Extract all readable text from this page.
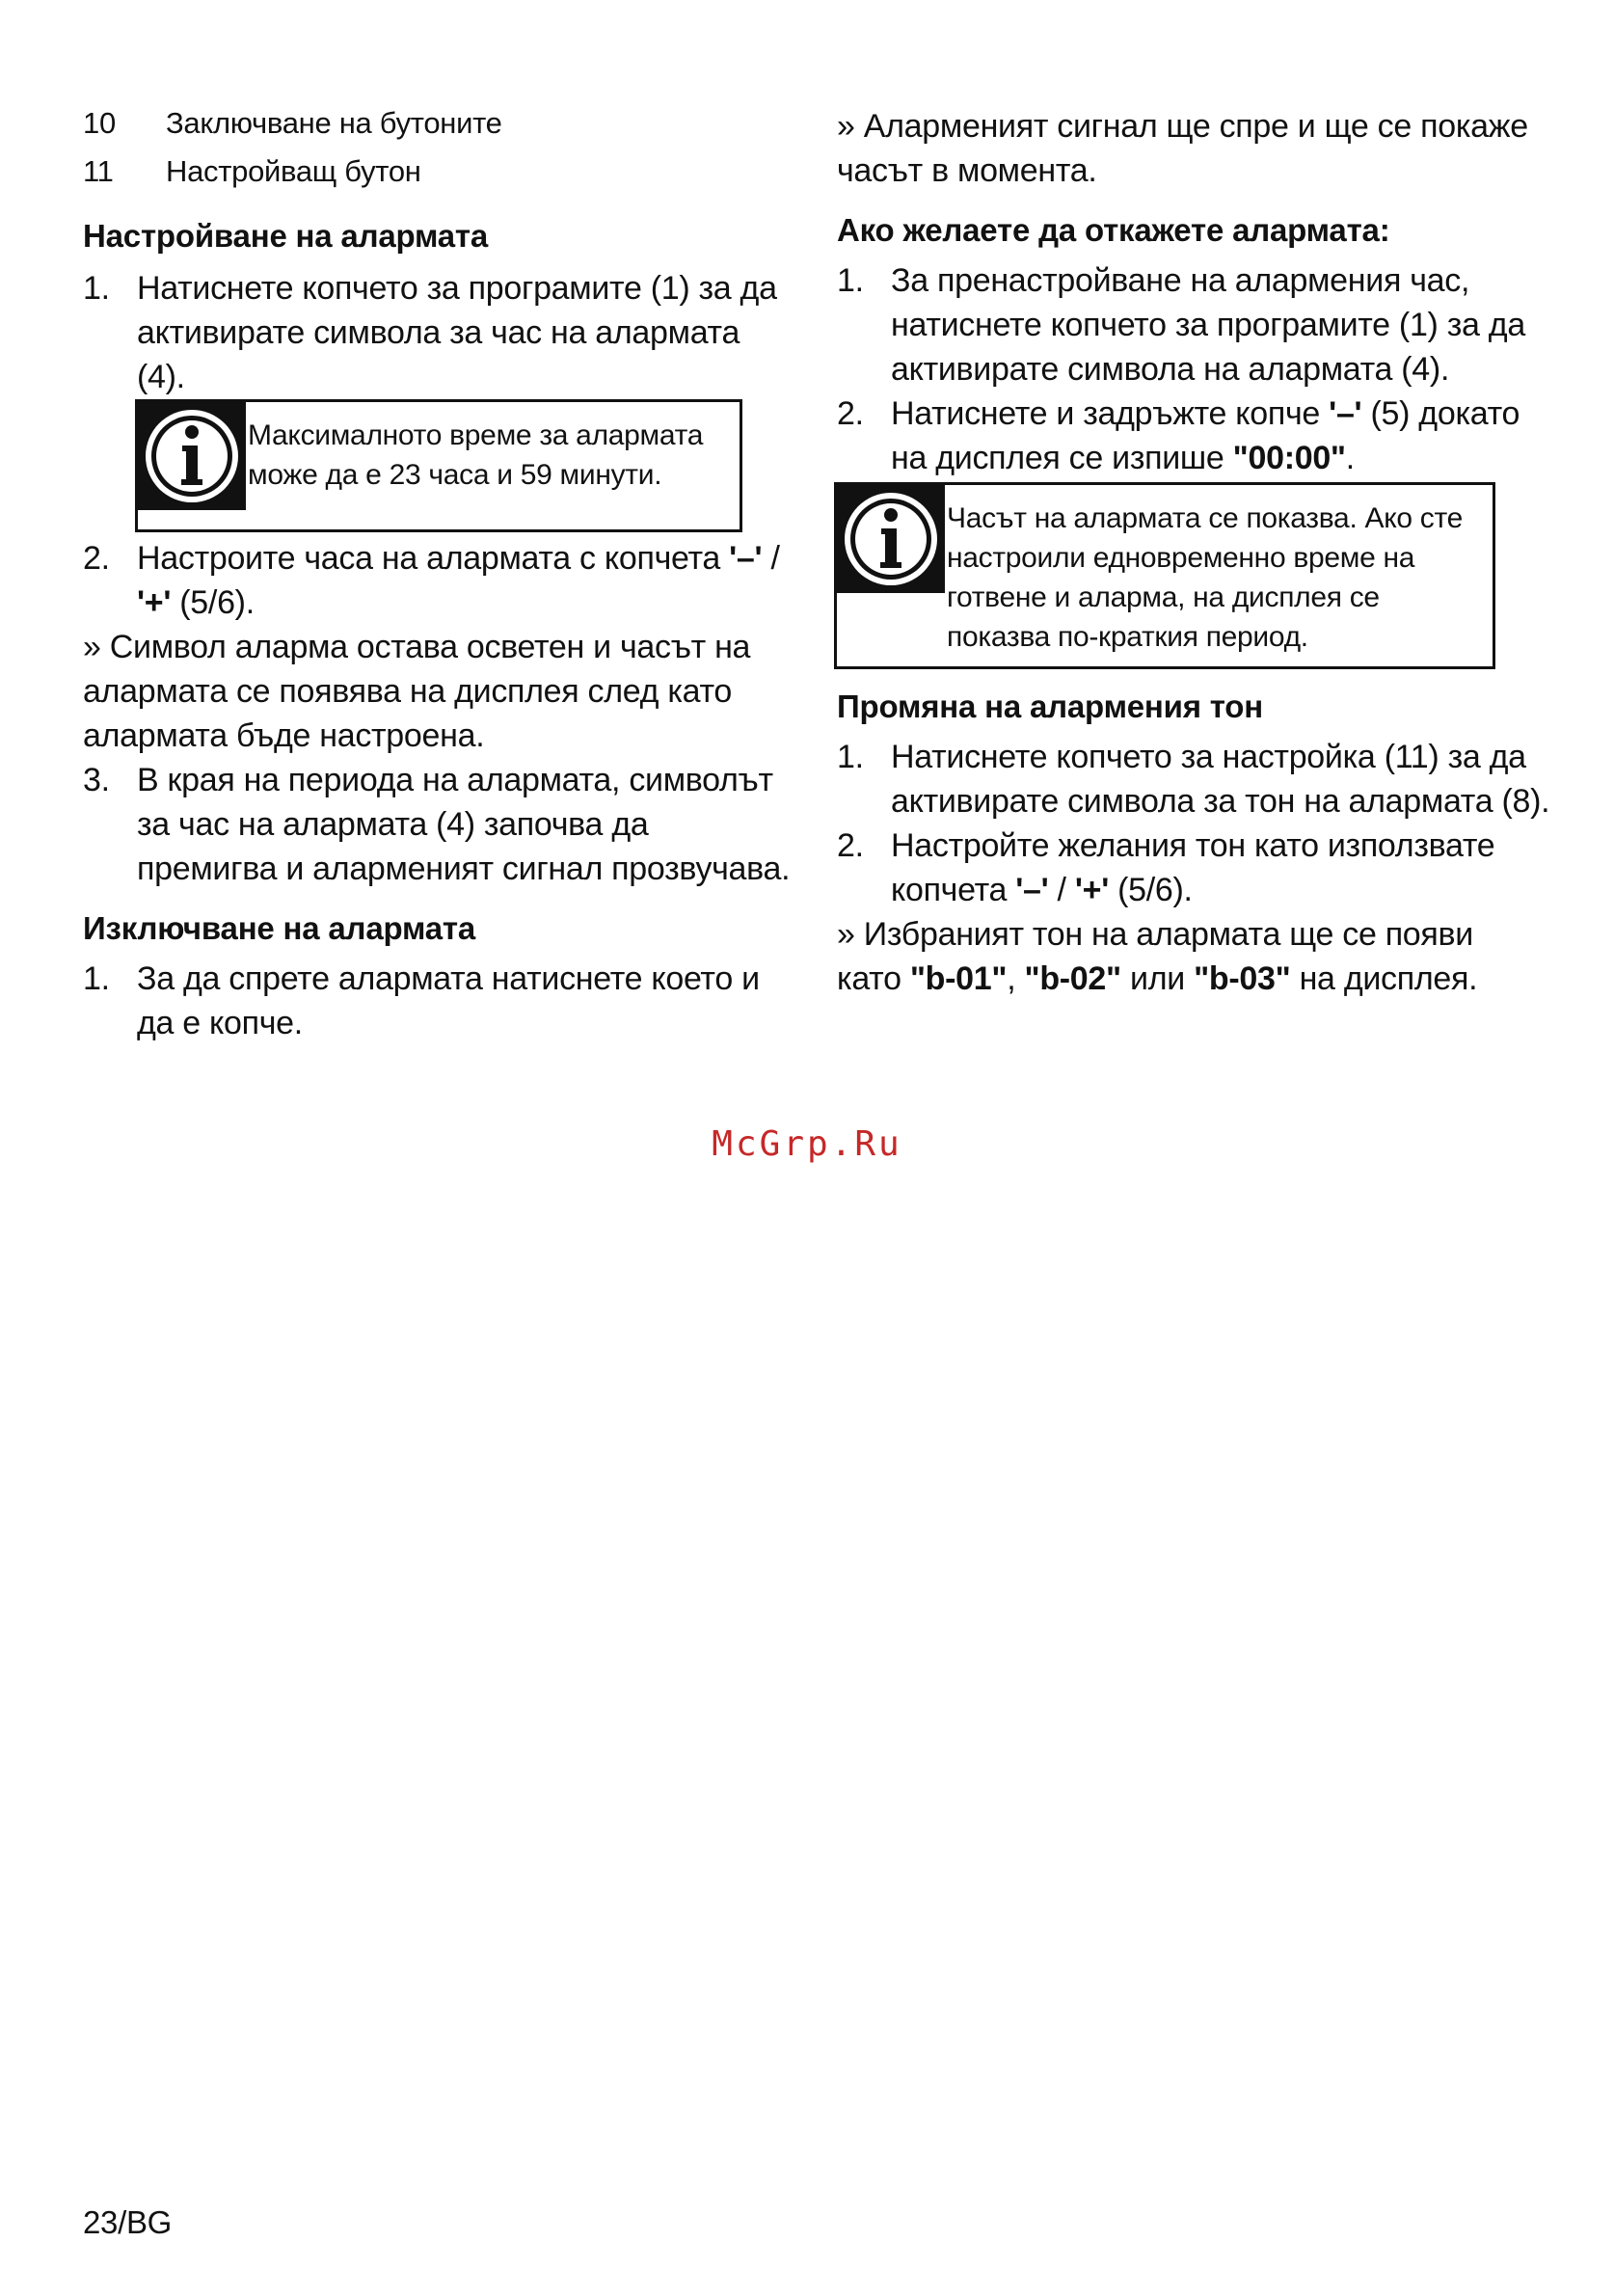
10 Заключване на бутоните
11 Настройващ бутон
Настройване на алармата
1. Натиснете копчето за програмите (1) за да
активирате символа за час на алармата
(4).
Максималното време за алармата
може да е 23 часа и 59 минути.
2. Настроите часа на алармата с копчета '–' /
'+' (5/6).
» Символ аларма остава осветен и часът на
алармата се появява на дисплея след като
алармата бъде настроена.
3. В края на периода на алармата, символът
за час на алармата (4) започва да
премигва и алармeният сигнал прозвучава.
Изключване на алармата
1. За да спрете алармата натиснете което и
да е копче.
» Алармeният сигнал ще спре и ще се покаже
часът в момента.
Ако желаете да откажете алармата:
1. За пренастройване на алармения час,
натиснете копчето за програмите (1) за да
активирате символа на алармата (4).
2. Натиснете и задръжте копче '–' (5) докато
на дисплея се изпише "00:00".
Часът на алармата се показва. Ако сте
настроили едновременно време на
готвене и аларма, на дисплея се
показва по-краткия период.
Промяна на алармения тон
1. Натиснете копчето за настройка (11) за да
активирате символа за тон на алармата (8).
2. Настройте желания тон като използвате
копчета '–' / '+' (5/6).
» Избраният тон на алармата ще се появи
като "b-01", "b-02" или "b-03" на дисплея.
McGrp.Ru
23/BG
